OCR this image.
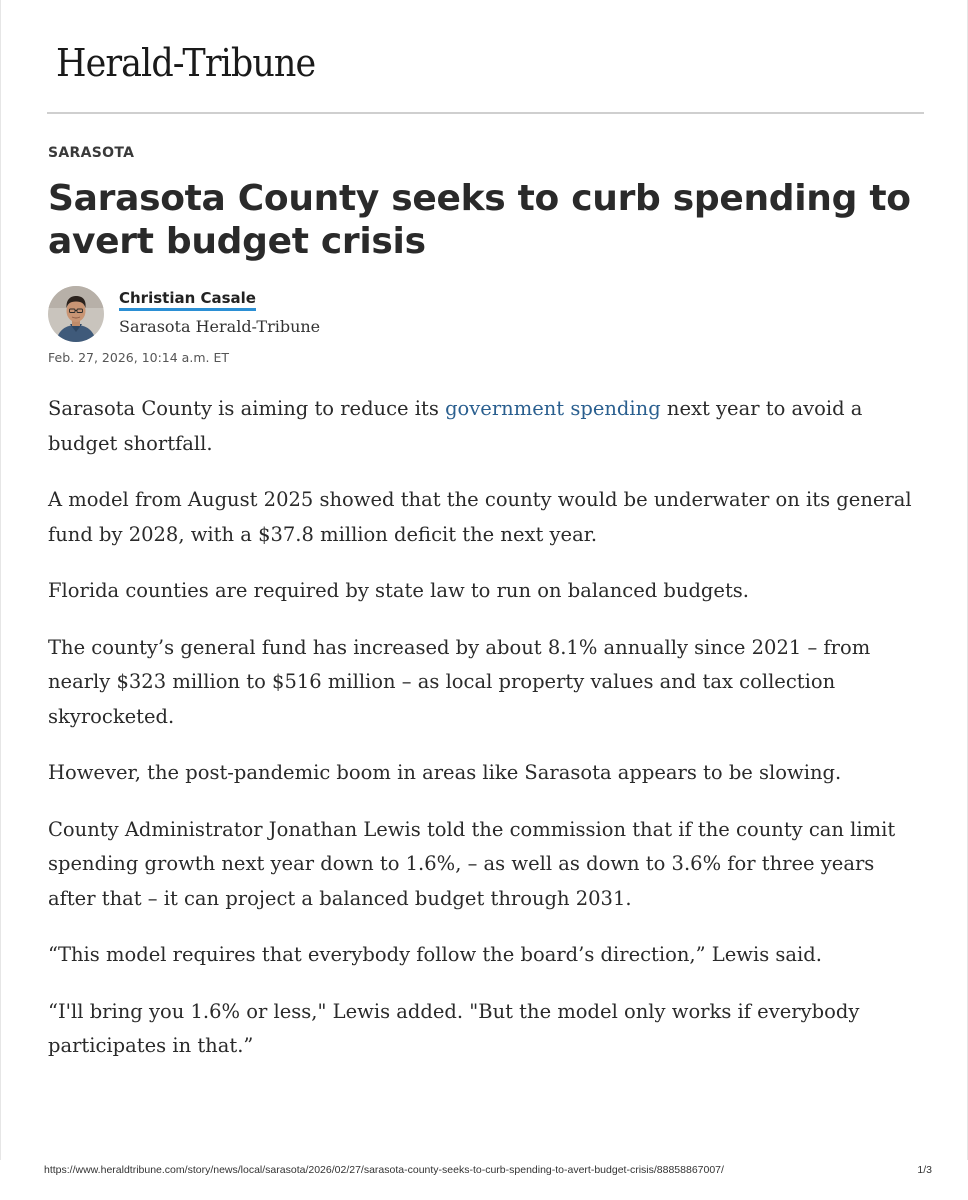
Herald-Tribune
SARASOTA
Sarasota County seeks to curb spending to avert budget crisis
Christian Casale
Sarasota Herald-Tribune
Feb. 27, 2026, 10:14 a.m. ET

Sarasota County is aiming to reduce its government spending next year to avoid a budget shortfall.

A model from August 2025 showed that the county would be underwater on its general fund by 2028, with a $37.8 million deficit the next year.

Florida counties are required by state law to run on balanced budgets.

The county’s general fund has increased by about 8.1% annually since 2021 – from nearly $323 million to $516 million – as local property values and tax collection skyrocketed.

However, the post-pandemic boom in areas like Sarasota appears to be slowing.

County Administrator Jonathan Lewis told the commission that if the county can limit spending growth next year down to 1.6%, – as well as down to 3.6% for three years after that – it can project a balanced budget through 2031.

“This model requires that everybody follow the board’s direction,” Lewis said.

“I'll bring you 1.6% or less," Lewis added. "But the model only works if everybody participates in that.”

https://www.heraldtribune.com/story/news/local/sarasota/2026/02/27/sarasota-county-seeks-to-curb-spending-to-avert-budget-crisis/88858867007/	1/3
